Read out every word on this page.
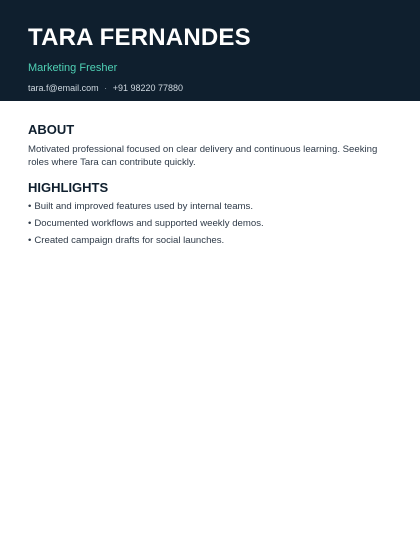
TARA FERNANDES
Marketing Fresher
tara.f@email.com · +91 98220 77880
ABOUT

Motivated professional focused on clear delivery and continuous learning. Seeking roles where Tara can contribute quickly.

HIGHLIGHTS
• Built and improved features used by internal teams.
• Documented workflows and supported weekly demos.
• Created campaign drafts for social launches.
